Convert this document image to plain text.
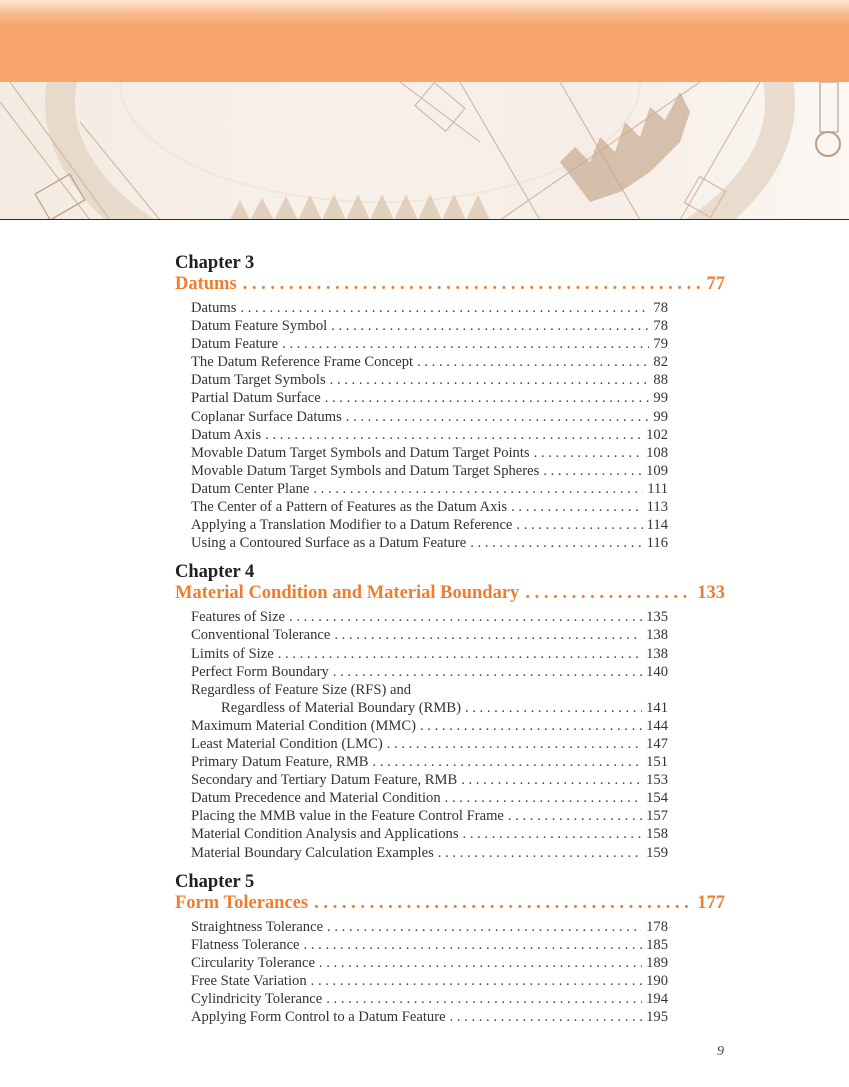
Chapter 3
Datums . . .	77
Datums . . .	78
Datum Feature Symbol . . .	78
Datum Feature . . .	79
The Datum Reference Frame Concept . . .	82
Datum Target Symbols . . .	88
Partial Datum Surface . . .	99
Coplanar Surface Datums . . .	99
Datum Axis . . .	102
Movable Datum Target Symbols and Datum Target Points . . .	108
Movable Datum Target Symbols and Datum Target Spheres . . .	109
Datum Center Plane . . .	111
The Center of a Pattern of Features as the Datum Axis . . .	113
Applying a Translation Modifier to a Datum Reference . . .	114
Using a Contoured Surface as a Datum Feature . . .	116
Chapter 4
Material Condition and Material Boundary . . .	133
Features of Size . . .	135
Conventional Tolerance . . .	138
Limits of Size . . .	138
Perfect Form Boundary . . .	140
Regardless of Feature Size (RFS) and
Regardless of Material Boundary (RMB) . . .	141
Maximum Material Condition (MMC) . . .	144
Least Material Condition (LMC) . . .	147
Primary Datum Feature, RMB . . .	151
Secondary and Tertiary Datum Feature, RMB . . .	153
Datum Precedence and Material Condition . . .	154
Placing the MMB value in the Feature Control Frame . . .	157
Material Condition Analysis and Applications . . .	158
Material Boundary Calculation Examples . . .	159
Chapter 5
Form Tolerances . . .	177
Straightness Tolerance . . .	178
Flatness Tolerance . . .	185
Circularity Tolerance . . .	189
Free State Variation . . .	190
Cylindricity Tolerance . . .	194
Applying Form Control to a Datum Feature . . .	195
9
